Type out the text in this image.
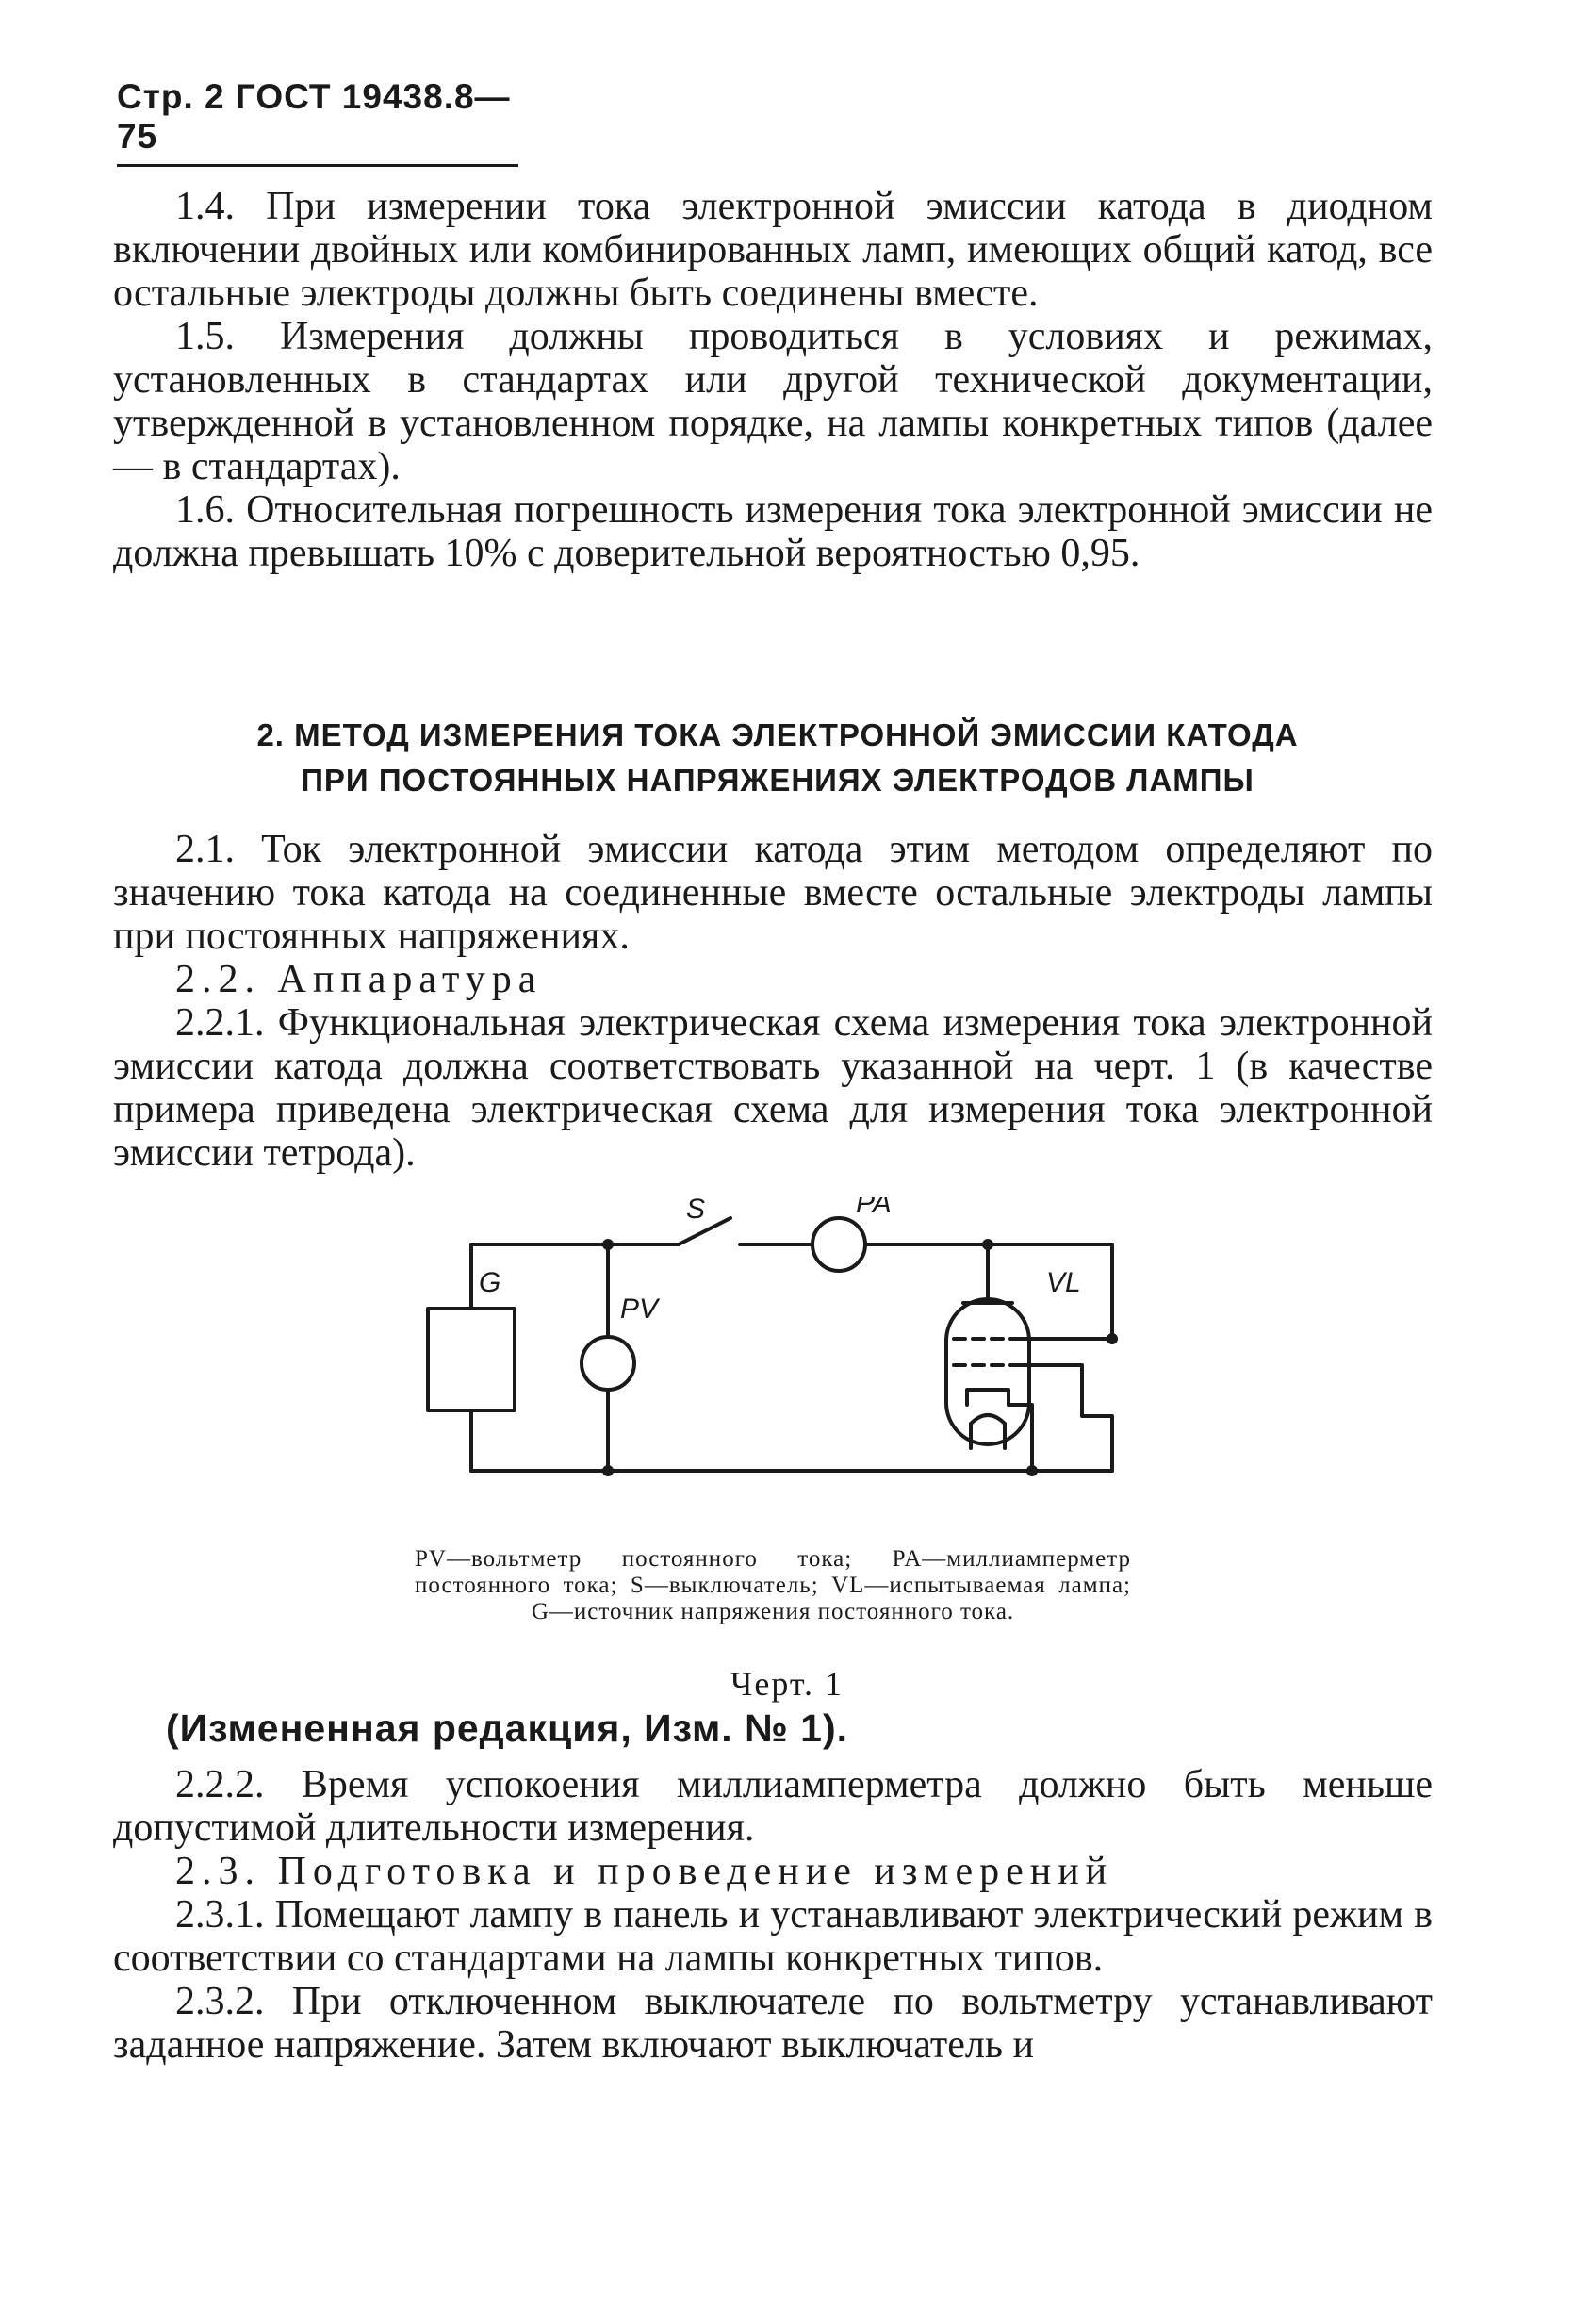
Стр. 2 ГОСТ 19438.8—75

1.4. При измерении тока электронной эмиссии катода в диодном включении двойных или комбинированных ламп, имеющих общий катод, все остальные электроды должны быть соединены вместе.

1.5. Измерения должны проводиться в условиях и режимах, установленных в стандартах или другой технической документации, утвержденной в установленном порядке, на лампы конкретных типов (далее — в стандартах).

1.6. Относительная погрешность измерения тока электронной эмиссии не должна превышать 10% с доверительной вероятностью 0,95.

2. МЕТОД ИЗМЕРЕНИЯ ТОКА ЭЛЕКТРОННОЙ ЭМИССИИ КАТОДА
ПРИ ПОСТОЯННЫХ НАПРЯЖЕНИЯХ ЭЛЕКТРОДОВ ЛАМПЫ

2.1. Ток электронной эмиссии катода этим методом определяют по значению тока катода на соединенные вместе остальные электроды лампы при постоянных напряжениях.

2.2. Аппаратура

2.2.1. Функциональная электрическая схема измерения тока электронной эмиссии катода должна соответствовать указанной на черт. 1 (в качестве примера приведена электрическая схема для измерения тока электронной эмиссии тетрода).

S	PA
G
PV
VL
PV—вольтметр постоянного тока; PA—миллиамперметр постоянного тока; S—выключатель; VL—испытываемая лампа; G—источник напряжения постоянного тока.
Черт. 1
(Измененная редакция, Изм. № 1).

2.2.2. Время успокоения миллиамперметра должно быть меньше допустимой длительности измерения.

2.3. Подготовка и проведение измерений

2.3.1. Помещают лампу в панель и устанавливают электрический режим в соответствии со стандартами на лампы конкретных типов.

2.3.2. При отключенном выключателе по вольтметру устанавливают заданное напряжение. Затем включают выключатель и
